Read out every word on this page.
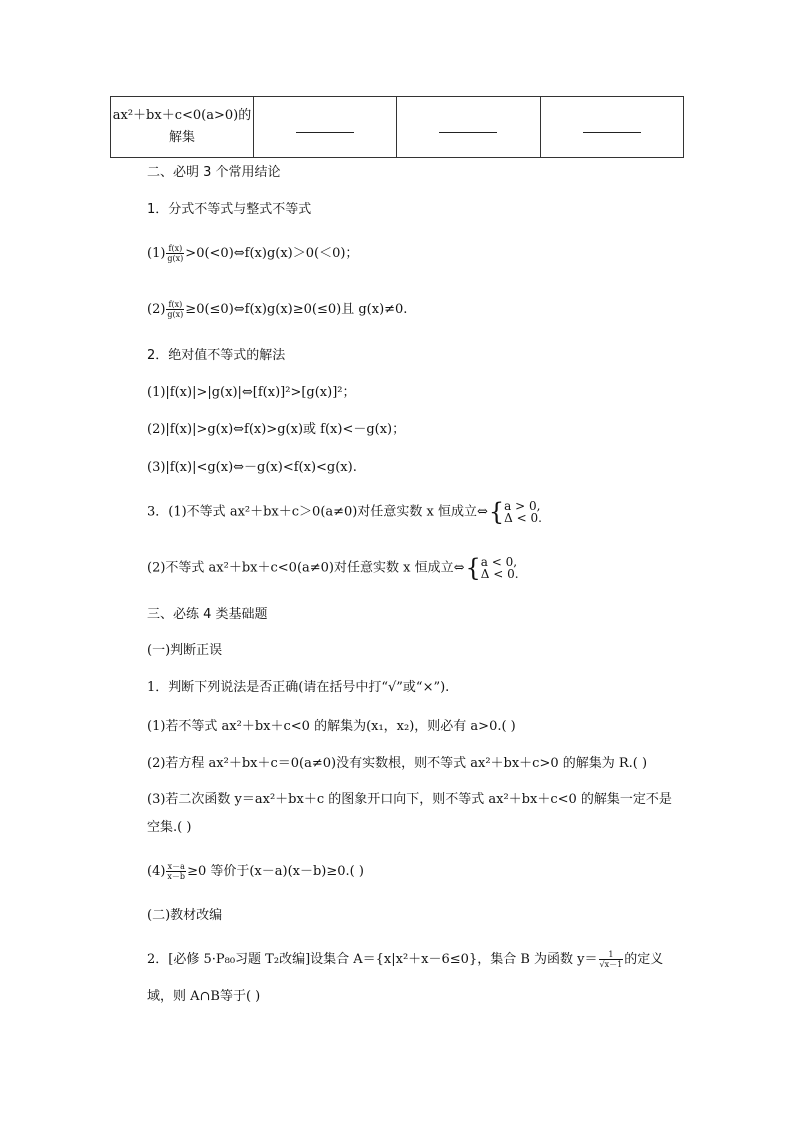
ax²＋bx＋c<0(a>0)的
解集			
二、必明 3 个常用结论
1．分式不等式与整式不等式
$(1) \frac{f(x)}{g(x)}$ >0(<0)⇔f(x)g(x)＞0(＜0)；
$(2) \frac{f(x)}{g(x)}$ ≥0(≤0)⇔f(x)g(x)≥0(≤0)且 g(x)≠0.
2．绝对值不等式的解法
(1)|f(x)|>|g(x)|⇔[f(x)]²>[g(x)]²；
(2)|f(x)|>g(x)⇔f(x)>g(x)或 f(x)<－g(x)；
(3)|f(x)|<g(x)⇔－g(x)<f(x)<g(x).
3．(1)不等式 ax²＋bx＋c＞0(a≠0)对任意实数 x 恒成立⇔{ a > 0,
Δ < 0.
(2)不等式 ax²＋bx＋c<0(a≠0)对任意实数 x 恒成立⇔{ a < 0,
Δ < 0.
三、必练 4 类基础题
(一)判断正误
1．判断下列说法是否正确(请在括号中打“√”或“×”).
(1)若不等式 ax²＋bx＋c<0 的解集为(x₁，x₂)，则必有 a>0.( )
(2)若方程 ax²＋bx＋c＝0(a≠0)没有实数根，则不等式 ax²＋bx＋c>0 的解集为 R.( )
(3)若二次函数 y＝ax²＋bx＋c 的图象开口向下，则不等式 ax²＋bx＋c<0 的解集一定不是空集.( )
$(4) \frac{x-a}{x-b} \ge 0$ 等价于(x－a)(x－b)≥0.( )
(二)教材改编
2．[必修 5·P₈₀习题 T₂改编]设集合 A＝{x|x²＋x－6≤0}，集合 B 为函数 $y= \frac{1}{√x-1}$ 的定义
域，则 A∩B等于( )
